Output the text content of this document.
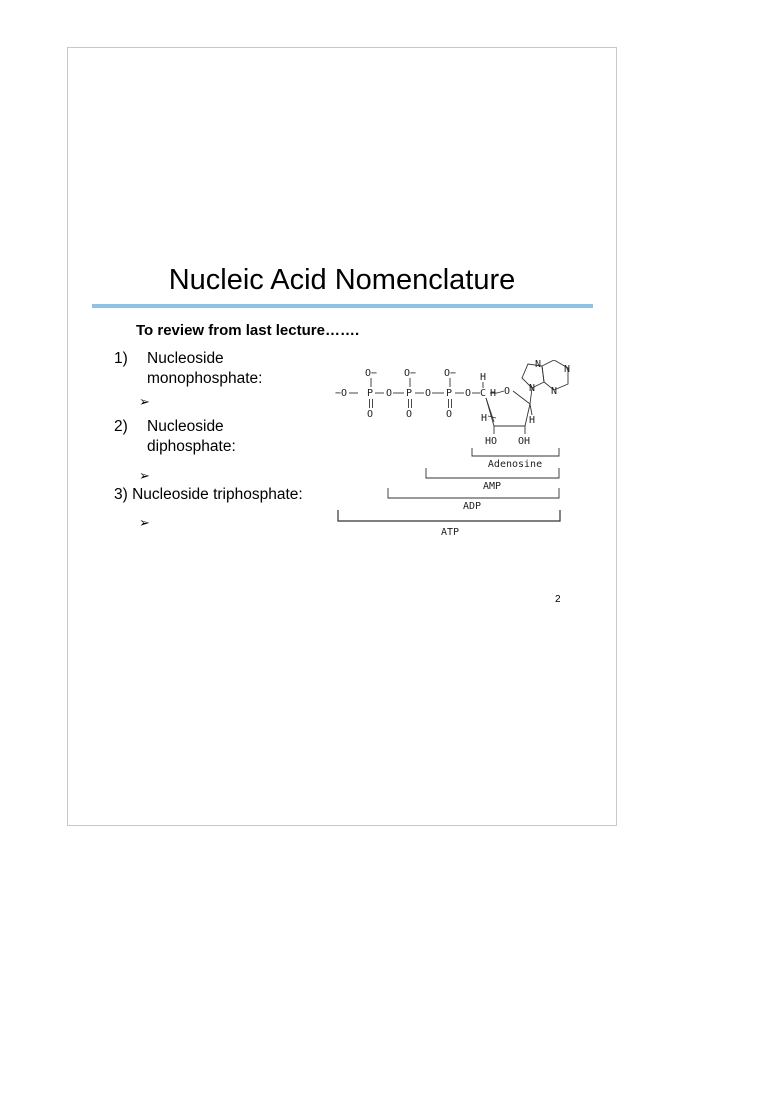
Nucleic Acid Nomenclature
To review from last lecture…….
1) Nucleoside
monophosphate:
➢
2) Nucleoside
diphosphate:
➢
3) Nucleoside triphosphate:
➢
O−	O−	O−
−O P O P O P O
O	O	O
H
C H O
H	H
HO OH
N
N N
N
Adenosine
AMP
ADP
ATP
2
